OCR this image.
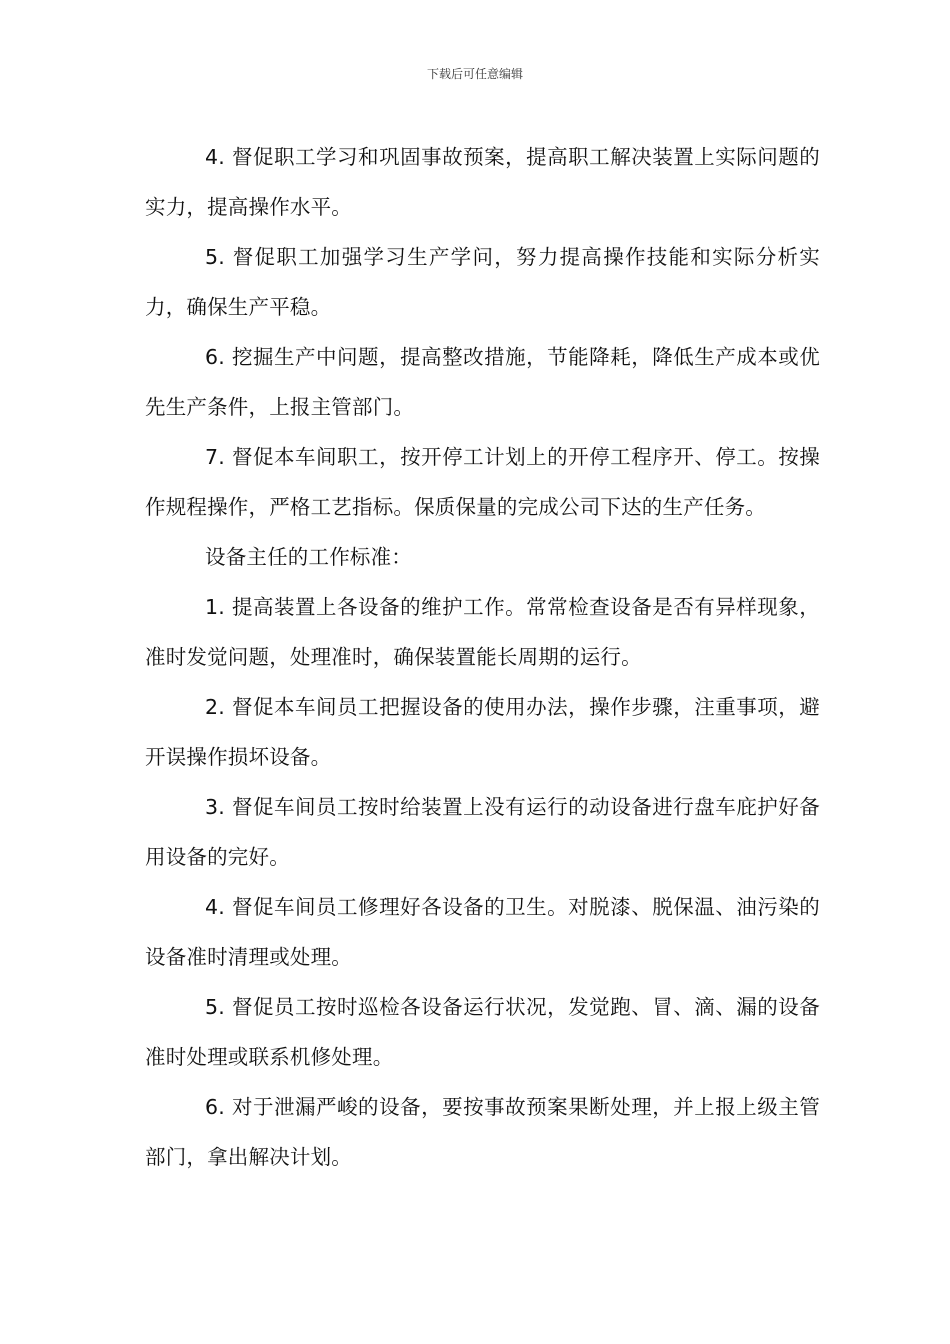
下载后可任意编辑

4. 督促职工学习和巩固事故预案，提高职工解决装置上实际问题的实力，提高操作水平。

5. 督促职工加强学习生产学问，努力提高操作技能和实际分析实力，确保生产平稳。

6. 挖掘生产中问题，提高整改措施，节能降耗，降低生产成本或优先生产条件，上报主管部门。

7. 督促本车间职工，按开停工计划上的开停工程序开、停工。按操作规程操作，严格工艺指标。保质保量的完成公司下达的生产任务。

设备主任的工作标准：

1. 提高装置上各设备的维护工作。常常检查设备是否有异样现象，准时发觉问题，处理准时，确保装置能长周期的运行。

2. 督促本车间员工把握设备的使用办法，操作步骤，注重事项，避开误操作损坏设备。

3. 督促车间员工按时给装置上没有运行的动设备进行盘车庇护好备用设备的完好。

4. 督促车间员工修理好各设备的卫生。对脱漆、脱保温、油污染的设备准时清理或处理。

5. 督促员工按时巡检各设备运行状况，发觉跑、冒、滴、漏的设备准时处理或联系机修处理。

6. 对于泄漏严峻的设备，要按事故预案果断处理，并上报上级主管部门，拿出解决计划。
